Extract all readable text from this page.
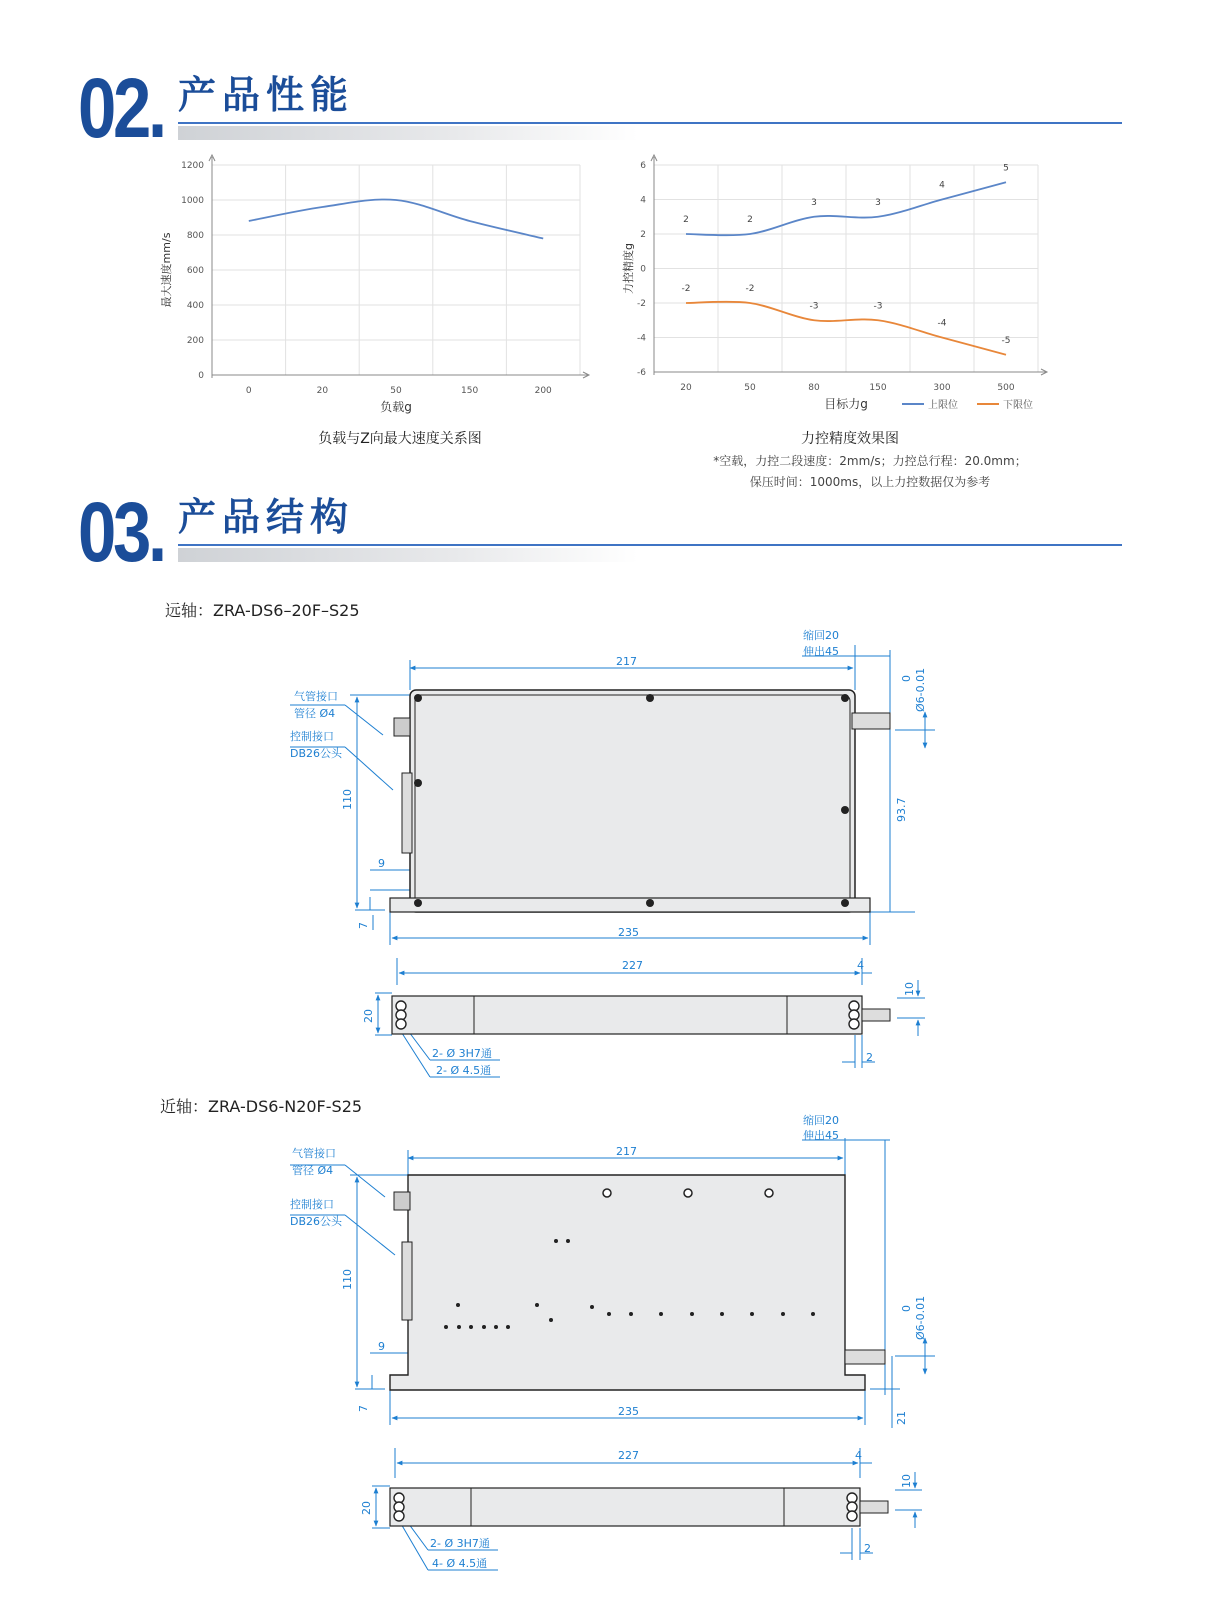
02. 产品性能
0
200
400
600
800
1000
1200
0	20	50	150	200
负载g
最大速度mm/s
负载与Z向最大速度关系图
-6
-4
-2
0
2
4
6
20	50	80	150	300	500
目标力g
力控精度g
2	2
3	3
4
5
-2	-2
-3	-3
-4
-5
上限位	下限位
力控精度效果图
*空载，力控二段速度：2mm/s；力控总行程：20.0mm；
保压时间：1000ms，以上力控数据仅为参考
03. 产品结构
远轴：ZRA-DS6–20F–S25
气管接口
管径 Ø4
控制接口
DB26公头
缩回20
伸出45
217
9
235
110
7
93.7
0 Ø6-0.01
227	4
20
10
2
2- Ø 3H7通
2- Ø 4.5通
近轴：ZRA-DS6-N20F-S25
气管接口
管径 Ø4
控制接口
DB26公头
缩回20
伸出45
217
9
235
110
7
21
0 Ø6-0.01
227	4
20
10
2
2- Ø 3H7通
4- Ø 4.5通
